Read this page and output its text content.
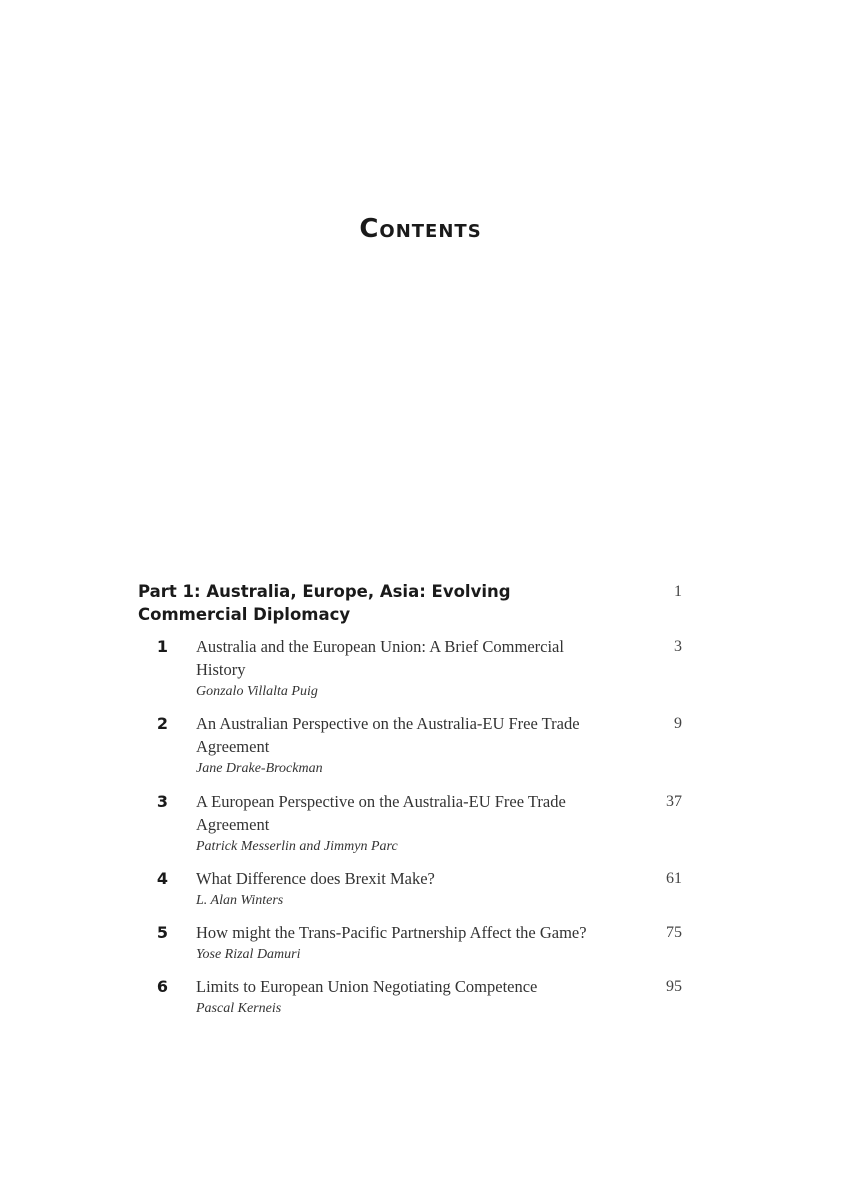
Contents
Part 1: Australia, Europe, Asia: Evolving Commercial Diplomacy
1
1 Australia and the European Union: A Brief Commercial History
Gonzalo Villalta Puig
3
2 An Australian Perspective on the Australia-EU Free Trade Agreement
Jane Drake-Brockman
9
3 A European Perspective on the Australia-EU Free Trade Agreement
Patrick Messerlin and Jimmyn Parc
37
4 What Difference does Brexit Make?
L. Alan Winters
61
5 How might the Trans-Pacific Partnership Affect the Game?
Yose Rizal Damuri
75
6 Limits to European Union Negotiating Competence
Pascal Kerneis
95
